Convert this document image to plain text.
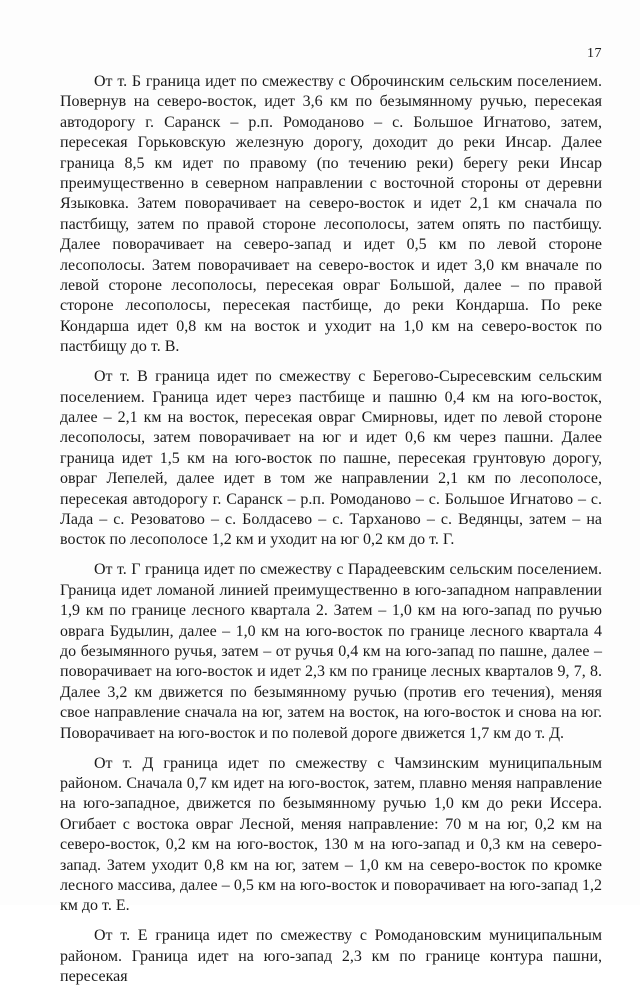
17

От т. Б граница идет по смежеству с Оброчинским сельским поселением. Повернув на северо-восток, идет 3,6 км по безымянному ручью, пересекая автодорогу г. Саранск – р.п. Ромоданово – с. Большое Игнатово, затем, пересекая Горьковскую железную дорогу, доходит до реки Инсар. Далее граница 8,5 км идет по правому (по течению реки) берегу реки Инсар преимущественно в северном направлении с восточной стороны от деревни Языковка. Затем поворачивает на северо-восток и идет 2,1 км сначала по пастбищу, затем по правой стороне лесополосы, затем опять по пастбищу. Далее поворачивает на северо-запад и идет 0,5 км по левой стороне лесополосы. Затем поворачивает на северо-восток и идет 3,0 км вначале по левой стороне лесополосы, пересекая овраг Большой, далее – по правой стороне лесополосы, пересекая пастбище, до реки Кондарша. По реке Кондарша идет 0,8 км на восток и уходит на 1,0 км на северо-восток по пастбищу до т. В.

От т. В граница идет по смежеству с Берегово-Сыресевским сельским поселением. Граница идет через пастбище и пашню 0,4 км на юго-восток, далее – 2,1 км на восток, пересекая овраг Смирновы, идет по левой стороне лесополосы, затем поворачивает на юг и идет 0,6 км через пашни. Далее граница идет 1,5 км на юго-восток по пашне, пересекая грунтовую дорогу, овраг Лепелей, далее идет в том же направлении 2,1 км по лесополосе, пересекая автодорогу г. Саранск – р.п. Ромоданово – с. Большое Игнатово – с. Лада – с. Резоватово – с. Болдасево – с. Тарханово – с. Ведянцы, затем – на восток по лесополосе 1,2 км и уходит на юг 0,2 км до т. Г.

От т. Г граница идет по смежеству с Парадеевским сельским поселением. Граница идет ломаной линией преимущественно в юго-западном направлении 1,9 км по границе лесного квартала 2. Затем – 1,0 км на юго-запад по ручью оврага Будылин, далее – 1,0 км на юго-восток по границе лесного квартала 4 до безымянного ручья, затем – от ручья 0,4 км на юго-запад по пашне, далее – поворачивает на юго-восток и идет 2,3 км по границе лесных кварталов 9, 7, 8. Далее 3,2 км движется по безымянному ручью (против его течения), меняя свое направление сначала на юг, затем на восток, на юго-восток и снова на юг. Поворачивает на юго-восток и по полевой дороге движется 1,7 км до т. Д.

От т. Д граница идет по смежеству с Чамзинским муниципальным районом. Сначала 0,7 км идет на юго-восток, затем, плавно меняя направление на юго-западное, движется по безымянному ручью 1,0 км до реки Иссера. Огибает с востока овраг Лесной, меняя направление: 70 м на юг, 0,2 км на северо-восток, 0,2 км на юго-восток, 130 м на юго-запад и 0,3 км на северо-запад. Затем уходит 0,8 км на юг, затем – 1,0 км на северо-восток по кромке лесного массива, далее – 0,5 км на юго-восток и поворачивает на юго-запад 1,2 км до т. Е.

От т. Е граница идет по смежеству с Ромодановским муниципальным районом. Граница идет на юго-запад 2,3 км по границе контура пашни, пересекая
